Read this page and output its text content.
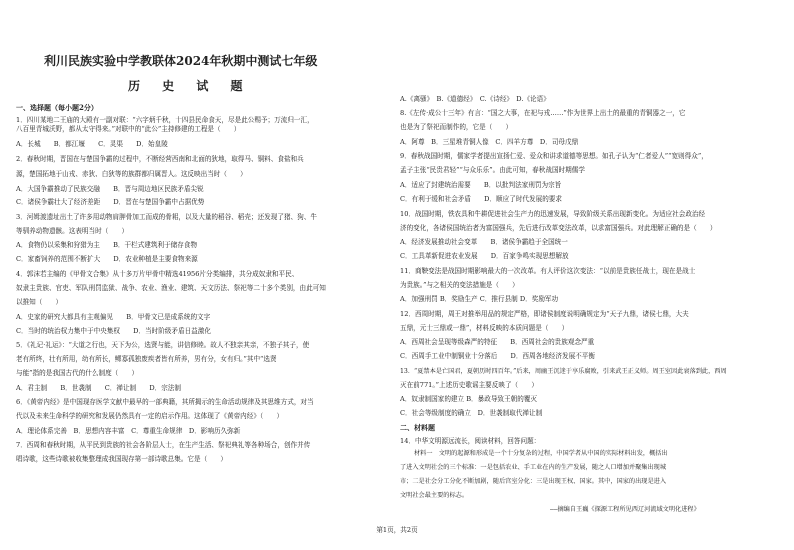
利川民族实验中学教联体2024年秋期中测试七年级
历 史 试 题
一、选择题（每小题2分）
1．四川某地二王庙的大殿有一副对联：“六字炳千秋，十四县民命食天，尽是此公赐予；万流归一汇，
八百里青城沃野，都从太守得来。”对联中的“此公”主持修建的工程是（　　）
A．长城　　B．都江堰　　C．灵渠　　D．始皇陵
2．春秋时期，晋国在与楚国争霸的过程中，不断经营西南和北面的狄地，取得马、铜料、食盐和兵
源，楚国拓地于山戎、赤狄、白狄等的族群都归属晋人。这反映出当时（　　）
A．大国争霸推动了民族交融　　B．晋与周边地区民族矛盾尖锐
C．诸侯争霸壮大了经济差距　　D．晋在与楚国争霸中占据优势
3．河姆渡遗址出土了许多用动物肩胛骨加工而成的骨耜，以及大量的稻谷、稻壳；还发现了猪、狗、牛
等驯养动物遗骸。这表明当时（　　）
A．食物仍以采集和狩猎为主　　B．干栏式建筑利于储存食物
C．家畜饲养的范围不断扩大　　D．农业种植是主要食物来源
4．郭沫若主编的《甲骨文合集》从十多万片甲骨中精选41956片分类编排，共分成奴隶和平民、
奴隶主贵族、官吏、军队刑罚监狱、战争、农业、渔业、建筑、天文历法、祭祀等二十多个类别，由此可知
以推知（　　）
A．史家的研究大都具有主观偏见　　B．甲骨文已是成系统的文字
C．当时的统治权力集中于中央集权　　D．当时阶级矛盾日益激化
5．《礼记·礼运》：“大道之行也，天下为公，选贤与能，讲信修睦。故人不独亲其亲，不独子其子，使
老有所终，壮有所用，幼有所长，鳏寡孤独废疾者皆有所养，男有分，女有归。”其中“选贤
与能”指的是我国古代的什么制度（　　）
A．君主制　　B．世袭制　　C．禅让制　　D．宗法制
6．《黄帝内经》是中国现存医学文献中最早的一部典籍，其所揭示的生命活动规律及其思维方式，对当
代以及未来生命科学的研究和发展仍然具有一定的启示作用。这体现了《黄帝内经》（　　）
A．理论体系完善　B．思想内容丰富　C．尊重生命规律　D．影响历久弥新
7．西周和春秋时期，从平民到贵族的社会各阶层人士，在生产生活、祭祀典礼等各种场合，创作并传
唱诗歌，这些诗歌被收集整理成我国现存第一部诗歌总集。它是（　　）
A.《离骚》　B.《道德经》　C.《诗经》　D.《论语》
8.《左传·成公十三年》有言：“国之大事，在祀与戎……”作为世界上出土的最重的青铜器之一，它
也是为了祭祀而制作的，它是（　　）
A．阿尊　B．三星堆青铜人像　C．四羊方尊　D．司母戊鼎
9．春秋战国时期，儒家学者提出宣扬仁爱、爱众和讲求道德等思想。如孔子认为“仁者爱人”“宽则得众”，
孟子主张“民贵君轻”“与众乐乐”。由此可知，春秋战国时期儒学
A．适应了封建统治需要　　B．以批判法家刑罚为宗旨
C．有利于缓和社会矛盾　　D．顺应了时代发展的要求
10．战国时期，铁农具和牛耕促进社会生产力的迅速发展，导致阶级关系出现新变化。为适应社会政治经
济的变化，各诸侯国统治者为富国强兵，先后进行改革变法改革，以求富国强兵。对此理解正确的是（　　）
A．经济发展推动社会变革　　B．诸侯争霸趋于全国统一
C．工具革新促进农业发展　　D．百家争鸣实现思想解放
11．商鞅变法是战国时期影响最大的一次改革。有人评价这次变法：“以前是贵族任战士，现在是战士
为贵族。”与之相关的变法措施是（　　）
A．加强刑罚 B．奖励生产 C．推行县制 D．奖励军功
12．西周时期，周王对推举用品的规定严格，即诸侯制度说明确规定为“天子九鼎，诸侯七鼎，大夫
五鼎，元士三鼎或一鼎”，材料反映的本质问题是（　　）
A．西周社会呈现等级森严的特征　　B．西周社会的贵族观念严重
C．西周手工业中制铜业十分落后　　D．西周各地经济发展不平衡
13．“夏禁本是亡国君，夏朝历时四百年。”后来，周幽王沉迷于享乐腐败，引来武王正义师。周王室因此衰落到此，西周
灭在前771。”上述历史歌谣主要反映了（　　）
A．奴隶制国家的建立 B．暴政导致王朝的覆灭
C．社会等级制度的确立　D．世袭制取代禅让制
二、材料题
14．中华文明源远流长，阅读材料，回答问题：
材料一　文明的起源和形成是一个十分复杂的过程，中国学者从中国的实际材料出发，概括出
了进入文明社会的三个标准：一是包括农业、手工业在内的生产发展，随之人口增加并聚集出现城
市；二是社会分工分化不断加剧，随后宫室分化：三是出现王权、国家。其中，国家的出现是进入
文明社会最主要的标志。
——摘编自王巍《探源工程所见西辽河流域文明化进程》
第1页，共2页
